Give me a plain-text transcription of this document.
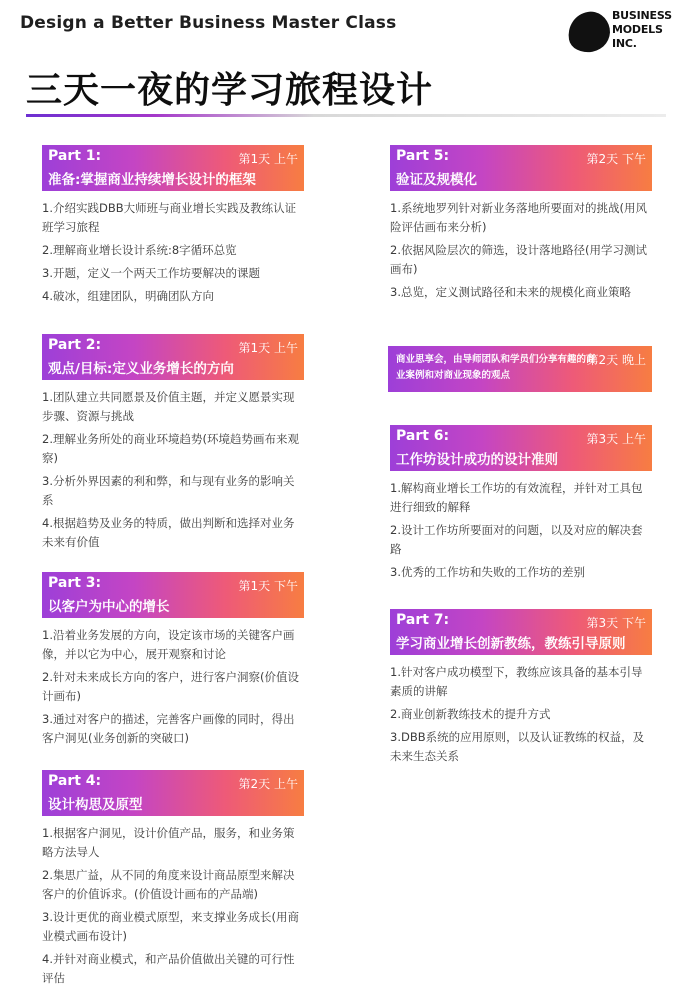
Design a Better Business Master Class	BUSINESS
MODELS
INC.
三天一夜的学习旅程设计
Part 1:	第1天 上午
准备:掌握商业持续增长设计的框架
1.介绍实践DBB大师班与商业增长实践及教练认证班学习旅程
2.理解商业增长设计系统:8字循环总览
3.开题，定义一个两天工作坊要解决的课题
4.破冰，组建团队，明确团队方向
Part 2:	第1天 上午
观点/目标:定义业务增长的方向
1.团队建立共同愿景及价值主题，并定义愿景实现步骤、资源与挑战
2.理解业务所处的商业环境趋势(环境趋势画布来观察)
3.分析外界因素的利和弊，和与现有业务的影响关系
4.根据趋势及业务的特质，做出判断和选择对业务未来有价值
Part 3:	第1天 下午
以客户为中心的增长
1.沿着业务发展的方向，设定该市场的关键客户画像，并以它为中心，展开观察和讨论
2.针对未来成长方向的客户，进行客户洞察(价值设计画布)
3.通过对客户的描述，完善客户画像的同时，得出客户洞见(业务创新的突破口)
Part 4:	第2天 上午
设计构思及原型
1.根据客户洞见，设计价值产品，服务，和业务策略方法导人
2.集思广益，从不同的角度来设计商品原型来解决客户的价值诉求。(价值设计画布的产品端)
3.设计更优的商业模式原型，来支撑业务成长(用商业模式画布设计)
4.并针对商业模式，和产品价值做出关键的可行性评估
Part 5:	第2天 下午
验证及规模化
1.系统地罗列针对新业务落地所要面对的挑战(用风险评估画布来分析)
2.依据风险层次的筛选，设计落地路径(用学习测试画布)
3.总览，定义测试路径和未来的规模化商业策略
商业思享会，由导师团队和学员们分享有趣的商业案例和对商业现象的观点
第2天 晚上
Part 6:	第3天 上午
工作坊设计成功的设计准则
1.解构商业增长工作坊的有效流程，并针对工具包进行细致的解释
2.设计工作坊所要面对的问题，以及对应的解决套路
3.优秀的工作坊和失败的工作坊的差别
Part 7:	第3天 下午
学习商业增长创新教练，教练引导原则
1.针对客户成功模型下，教练应该具备的基本引导素质的讲解
2.商业创新教练技术的提升方式
3.DBB系统的应用原则，以及认证教练的权益，及未来生态关系
